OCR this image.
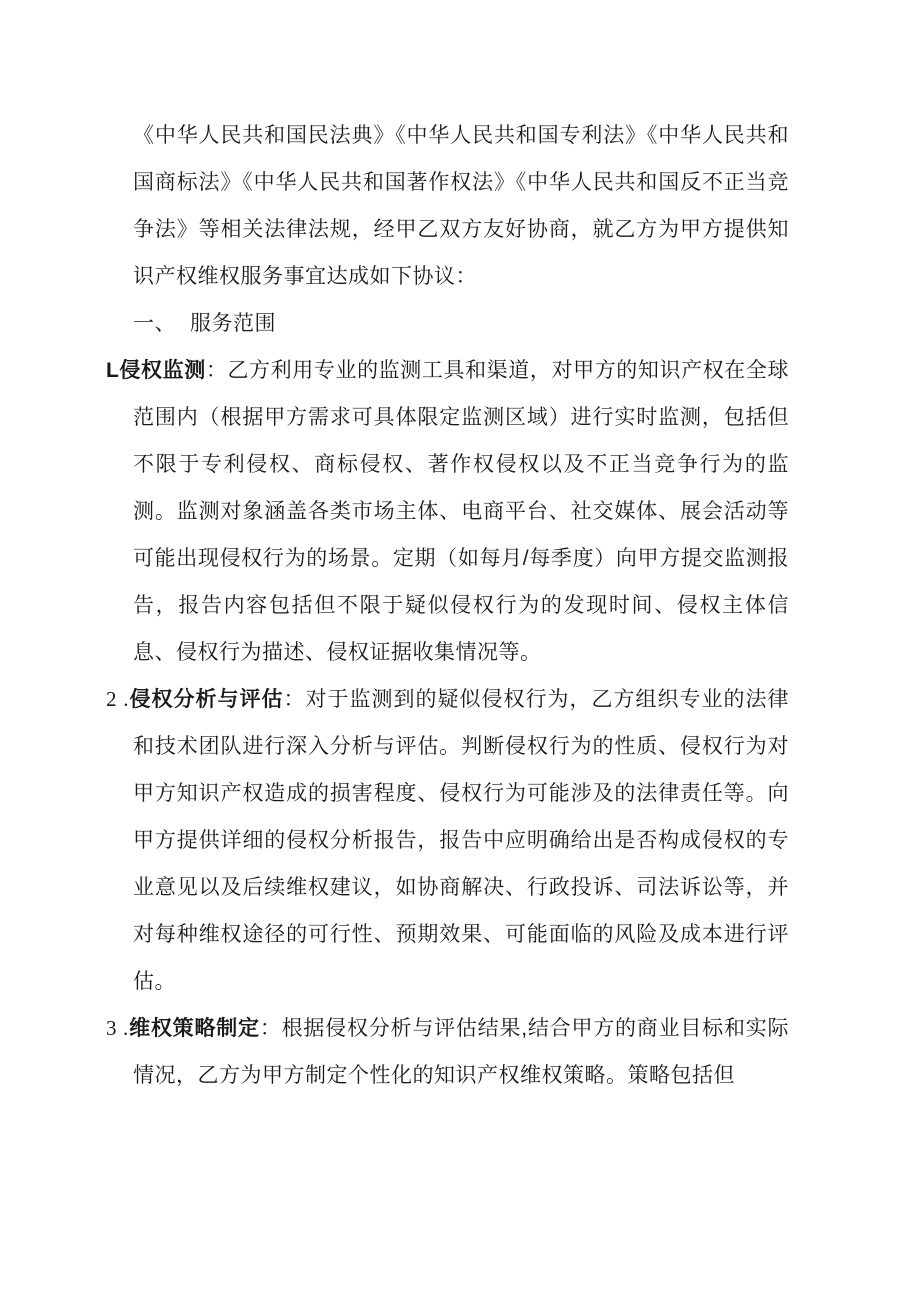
《中华人民共和国民法典》《中华人民共和国专利法》《中华人民共和国商标法》《中华人民共和国著作权法》《中华人民共和国反不正当竞争法》等相关法律法规，经甲乙双方友好协商，就乙方为甲方提供知识产权维权服务事宜达成如下协议：

一、 服务范围

L侵权监测：乙方利用专业的监测工具和渠道，对甲方的知识产权在全球范围内（根据甲方需求可具体限定监测区域）进行实时监测，包括但不限于专利侵权、商标侵权、著作权侵权以及不正当竞争行为的监测。监测对象涵盖各类市场主体、电商平台、社交媒体、展会活动等可能出现侵权行为的场景。定期（如每月/每季度）向甲方提交监测报告，报告内容包括但不限于疑似侵权行为的发现时间、侵权主体信息、侵权行为描述、侵权证据收集情况等。
2 .侵权分析与评估：对于监测到的疑似侵权行为，乙方组织专业的法律和技术团队进行深入分析与评估。判断侵权行为的性质、侵权行为对甲方知识产权造成的损害程度、侵权行为可能涉及的法律责任等。向甲方提供详细的侵权分析报告，报告中应明确给出是否构成侵权的专业意见以及后续维权建议，如协商解决、行政投诉、司法诉讼等，并对每种维权途径的可行性、预期效果、可能面临的风险及成本进行评估。
3 .维权策略制定：根据侵权分析与评估结果,结合甲方的商业目标和实际情况，乙方为甲方制定个性化的知识产权维权策略。策略包括但
